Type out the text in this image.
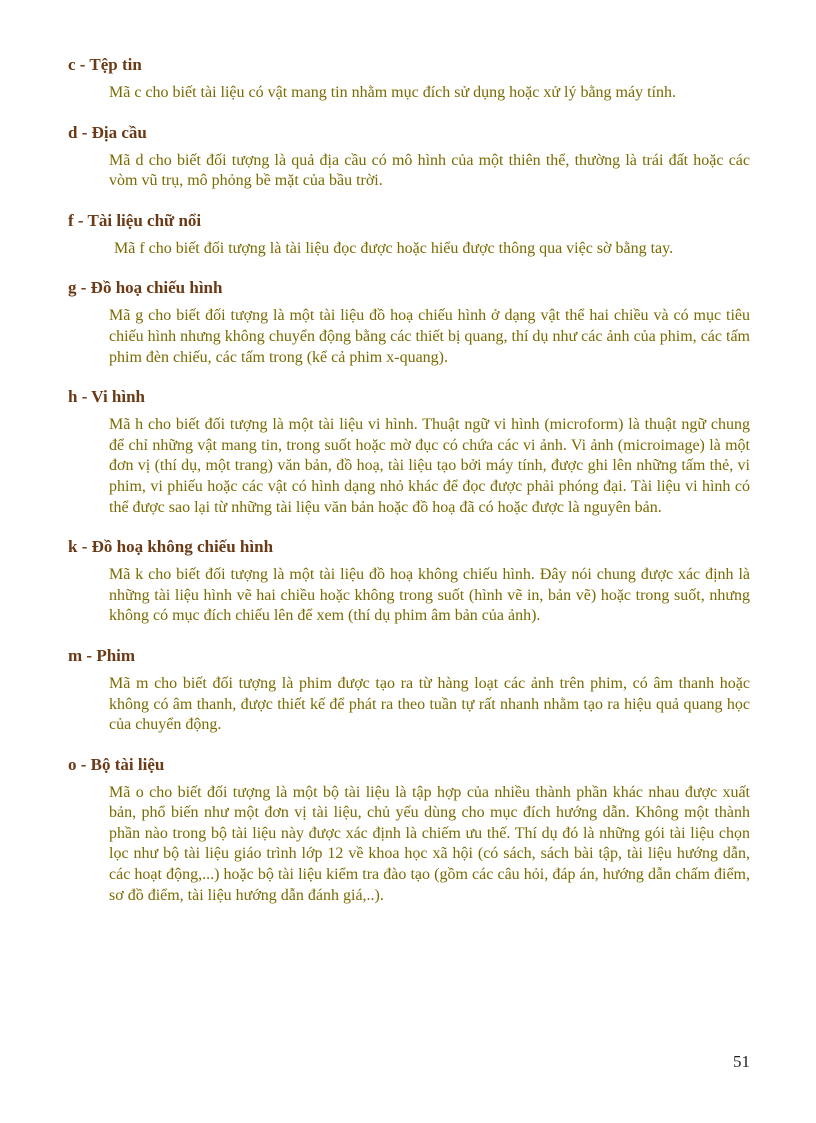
c - Tệp tin
Mã c cho biết tài liệu có vật mang tin nhằm mục đích sử dụng hoặc xử lý bằng máy tính.
d - Địa cầu
Mã d cho biết đối tượng là quả địa cầu có mô hình của một thiên thể, thường là trái đất hoặc các vòm vũ trụ, mô phỏng bề mặt của bầu trời.
f - Tài liệu chữ nổi
Mã f cho biết đối tượng là tài liệu đọc được hoặc hiểu được thông qua việc sờ bằng tay.
g - Đồ hoạ chiếu hình
Mã g cho biết đối tượng là một tài liệu đồ hoạ chiếu hình ở dạng vật thể hai chiều và có mục tiêu chiếu hình nhưng không chuyển động bằng các thiết bị quang, thí dụ như các ảnh của phim, các tấm phim đèn chiếu, các tấm trong (kể cả phim x-quang).
h - Vi hình
Mã h cho biết đối tượng là một tài liệu vi hình. Thuật ngữ vi hình (microform) là thuật ngữ chung để chỉ những vật mang tin, trong suốt hoặc mờ đục có chứa các vi ảnh. Vi ảnh (microimage) là một đơn vị (thí dụ, một trang) văn bản, đồ hoạ, tài liệu tạo bởi máy tính, được ghi lên những tấm thẻ, vi phim, vi phiếu hoặc các vật có hình dạng nhỏ khác để đọc được phải phóng đại. Tài liệu vi hình có thể được sao lại từ những tài liệu văn bản hoặc đồ hoạ đã có hoặc được là nguyên bản.
k - Đồ hoạ không chiếu hình
Mã k cho biết đối tượng là một tài liệu đồ hoạ không chiếu hình. Đây nói chung được xác định là những tài liệu hình vẽ hai chiều hoặc không trong suốt (hình vẽ in, bản vẽ) hoặc trong suốt, nhưng không có mục đích chiếu lên để xem (thí dụ phim âm bản của ảnh).
m - Phim
Mã m cho biết đối tượng là phim được tạo ra từ hàng loạt các ảnh trên phim, có âm thanh hoặc không có âm thanh, được thiết kế để phát ra theo tuần tự rất nhanh nhằm tạo ra hiệu quả quang học của chuyển động.
o - Bộ tài liệu
Mã o cho biết đối tượng là một bộ tài liệu là tập hợp của nhiều thành phần khác nhau được xuất bản, phổ biến như một đơn vị tài liệu, chủ yếu dùng cho mục đích hướng dẫn. Không một thành phần nào trong bộ tài liệu này được xác định là chiếm ưu thế. Thí dụ đó là những gói tài liệu chọn lọc như bộ tài liệu giáo trình lớp 12 về khoa học xã hội (có sách, sách bài tập, tài liệu hướng dẫn, các hoạt động,...) hoặc bộ tài liệu kiểm tra đào tạo (gồm các câu hỏi, đáp án, hướng dẫn chấm điểm, sơ đồ điểm, tài liệu hướng dẫn đánh giá,..).
51
